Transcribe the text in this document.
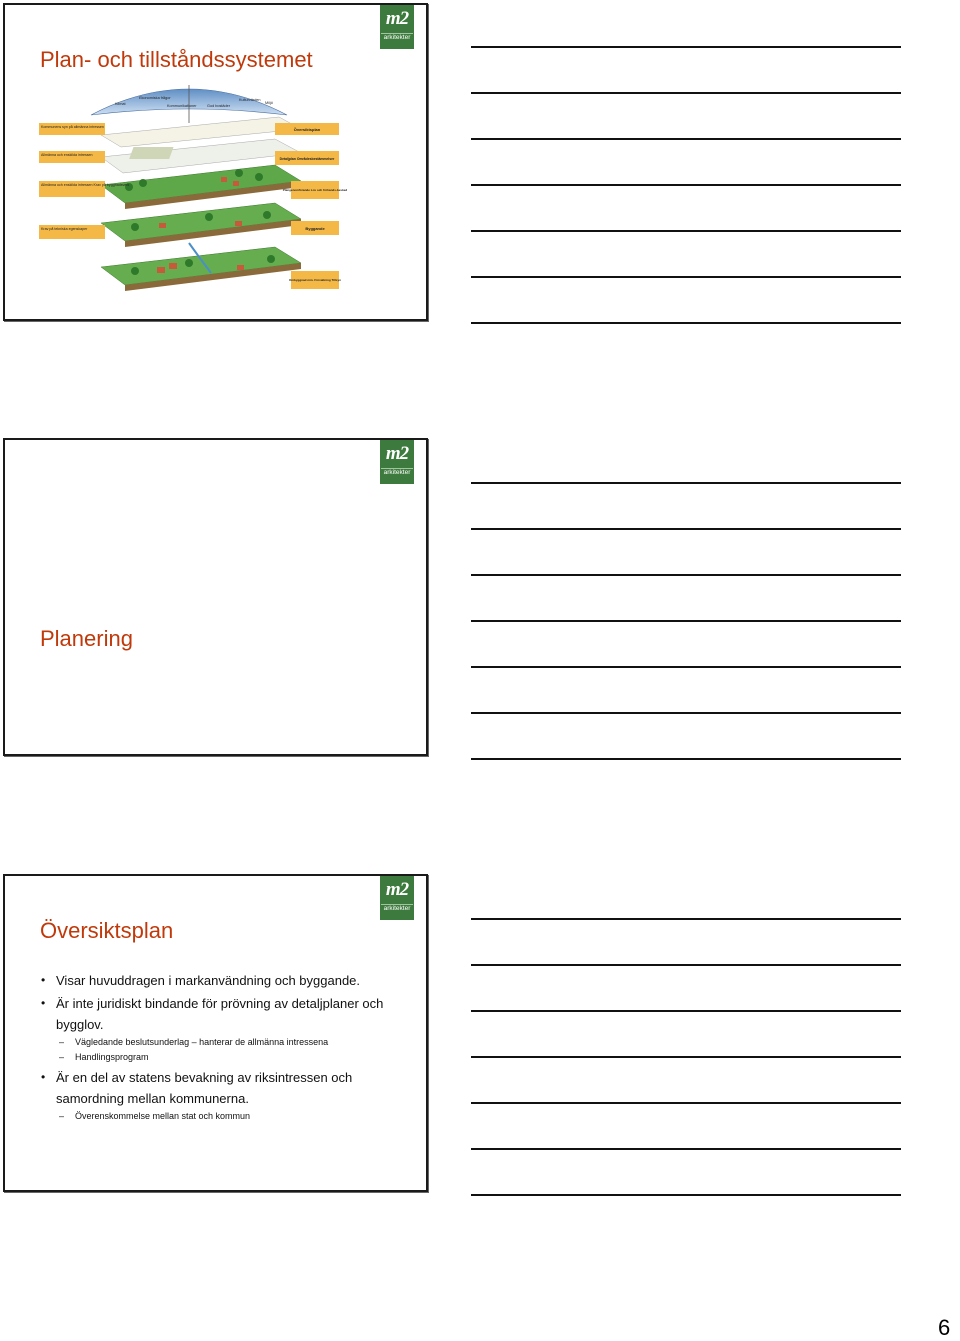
Plan- och tillståndssystemet
m2
arkitekter
Klimat
Ekonomiska frågor
Kommunikationer	God bostäder
Kulturvärden
Miljö
Kommunens syn på allmänna intressen
Allmänna och enskilda intressen
Allmänna och enskilda intressen Krav på byggnadsverk
Krav på tekniska egenskaper
Översiktsplan
Detaljplan Områdesbestämmelser
Plangenomförande Lov och förhands-besked
Byggande
Ombyggnad mm. Förvaltning Tillsyn
Planering
m2
arkitekter
Översiktsplan
m2
arkitekter
• Visar huvuddragen i markanvändning och byggande.
• Är inte juridiskt bindande för prövning av detaljplaner och bygglov.
– Vägledande beslutsunderlag – hanterar de allmänna intressena
– Handlingsprogram
• Är en del av statens bevakning av riksintressen och samordning mellan kommunerna.
– Överenskommelse mellan stat och kommun
6
